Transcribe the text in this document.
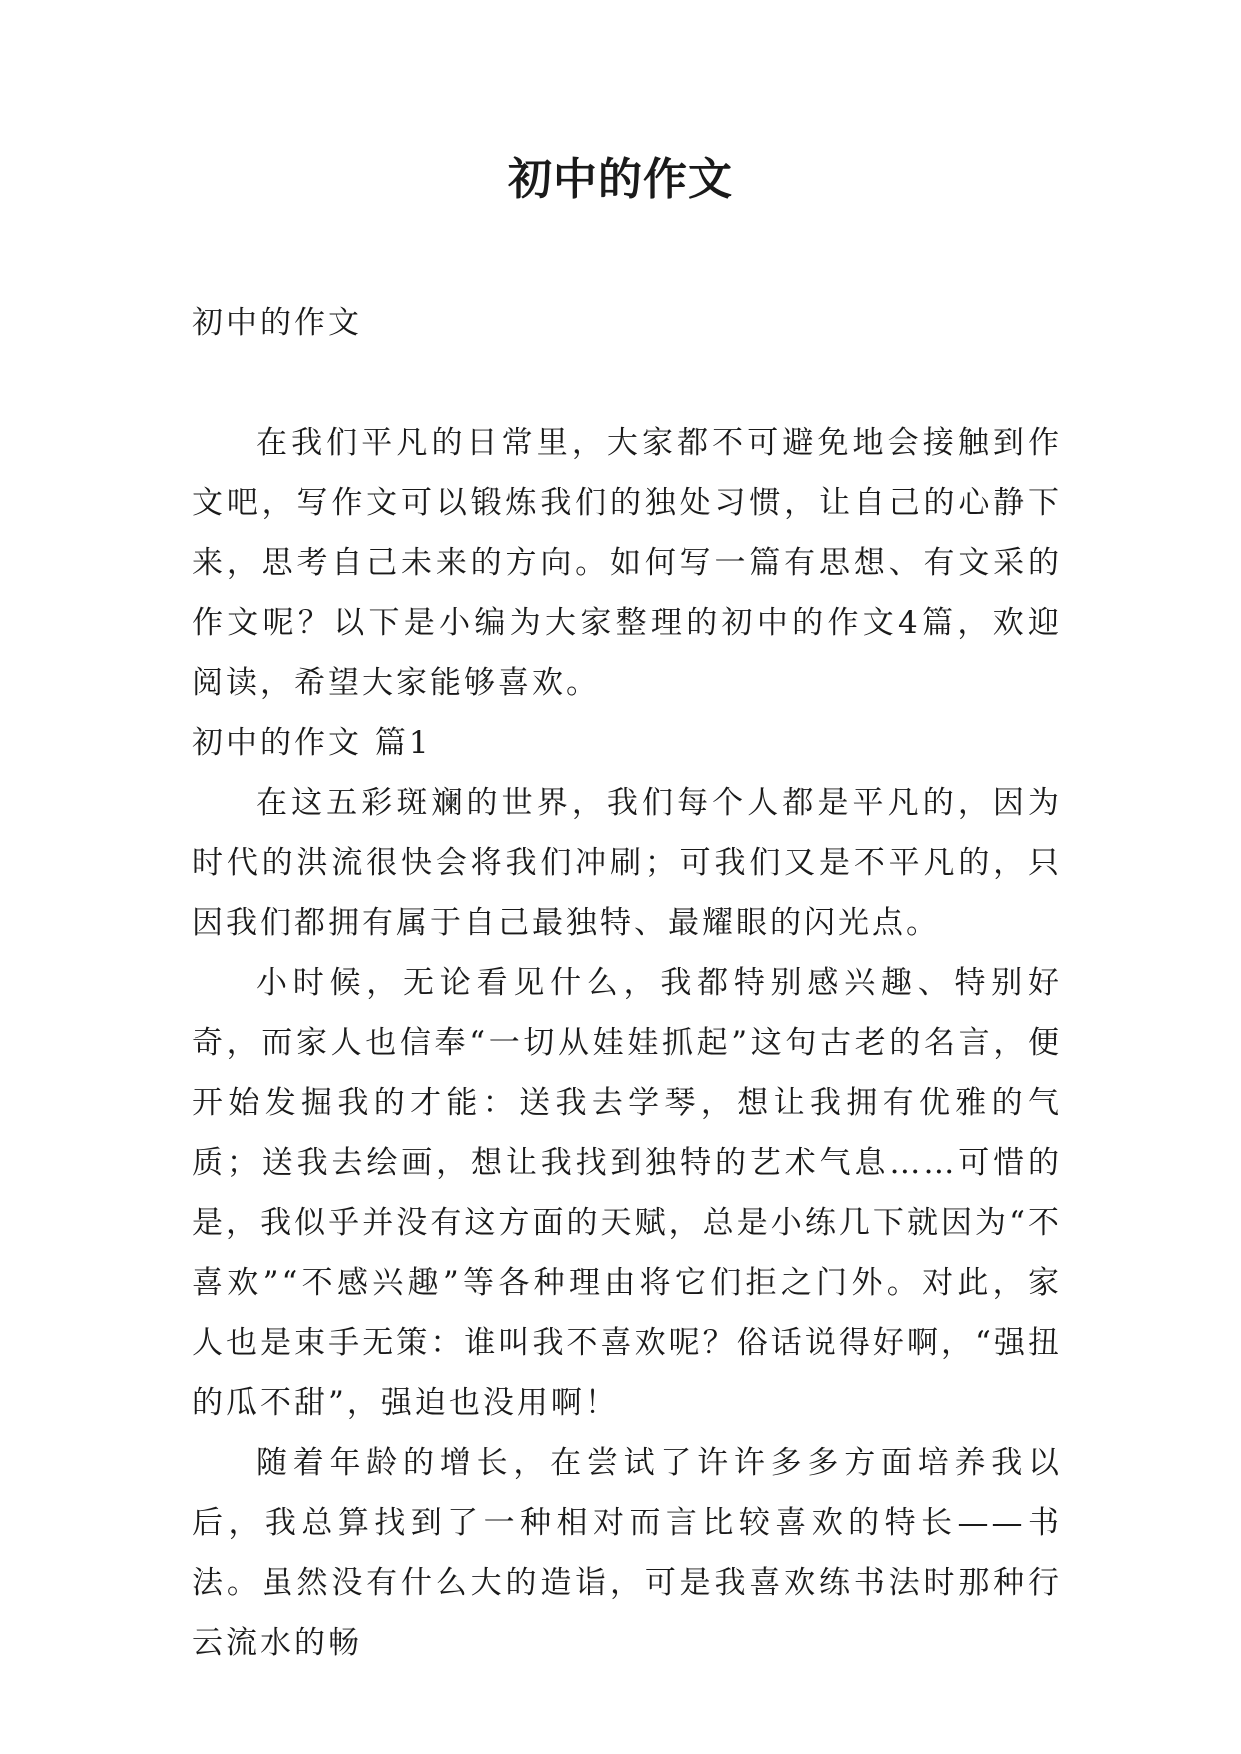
初中的作文

初中的作文

在我们平凡的日常里，大家都不可避免地会接触到作文吧，写作文可以锻炼我们的独处习惯，让自己的心静下来，思考自己未来的方向。如何写一篇有思想、有文采的作文呢？以下是小编为大家整理的初中的作文4篇，欢迎阅读，希望大家能够喜欢。

初中的作文 篇1

在这五彩斑斓的世界，我们每个人都是平凡的，因为时代的洪流很快会将我们冲刷；可我们又是不平凡的，只因我们都拥有属于自己最独特、最耀眼的闪光点。

小时候，无论看见什么，我都特别感兴趣、特别好奇，而家人也信奉“一切从娃娃抓起”这句古老的名言，便开始发掘我的才能：送我去学琴，想让我拥有优雅的气质；送我去绘画，想让我找到独特的艺术气息……可惜的是，我似乎并没有这方面的天赋，总是小练几下就因为“不喜欢”“不感兴趣”等各种理由将它们拒之门外。对此，家人也是束手无策：谁叫我不喜欢呢？俗话说得好啊，“强扭的瓜不甜”，强迫也没用啊！

随着年龄的增长，在尝试了许许多多方面培养我以后，我总算找到了一种相对而言比较喜欢的特长——书法。虽然没有什么大的造诣，可是我喜欢练书法时那种行云流水的畅
